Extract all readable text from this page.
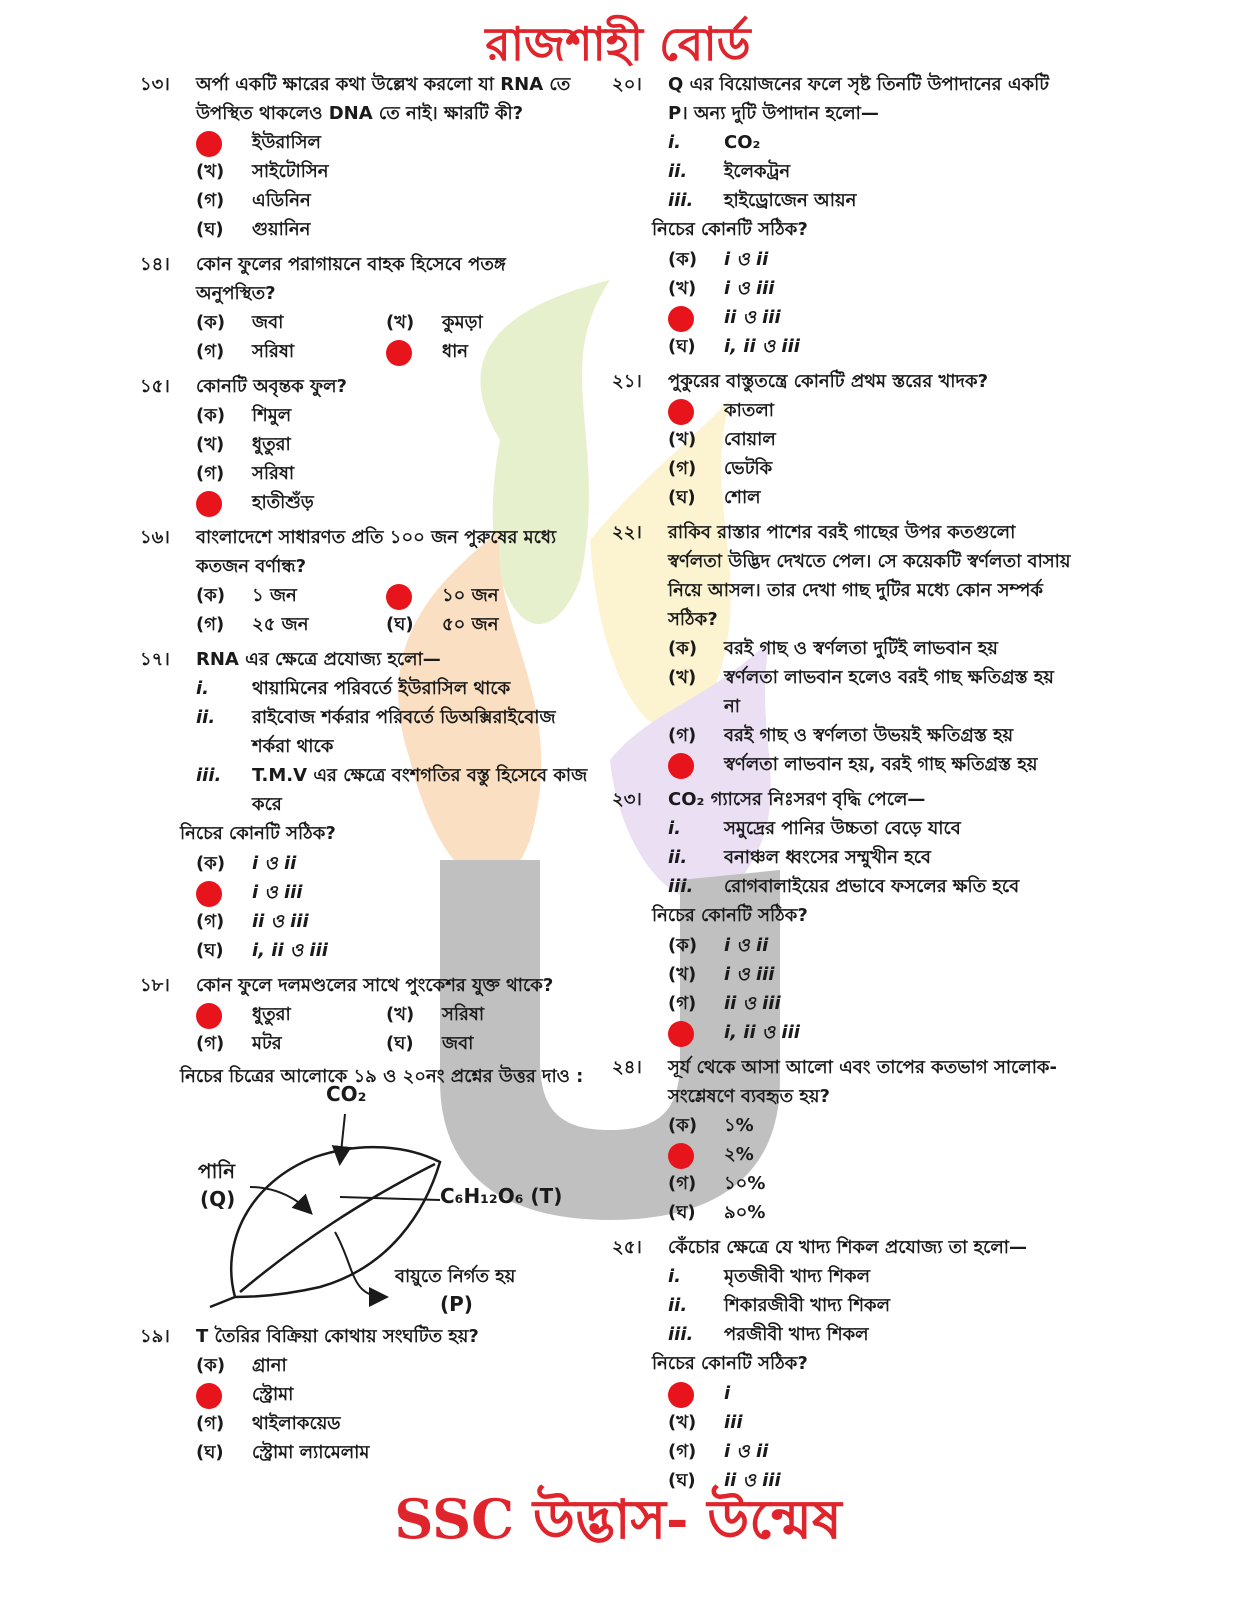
রাজশাহী বোর্ড
১৩।	অর্পা একটি ক্ষারের কথা উল্লেখ করলো যা RNA তে উপস্থিত থাকলেও DNA তে নাই। ক্ষারটি কী?
ইউরাসিল
(খ)	সাইটোসিন
(গ)	এডিনিন
(ঘ)	গুয়ানিন
১৪।	কোন ফুলের পরাগায়নে বাহক হিসেবে পতঙ্গ অনুপস্থিত?
(ক)	জবা	(খ)	কুমড়া
(গ)	সরিষা	ধান
১৫।	কোনটি অবৃন্তক ফুল?
(ক)	শিমুল
(খ)	ধুতুরা
(গ)	সরিষা
হাতীশুঁড়
১৬।	বাংলাদেশে সাধারণত প্রতি ১০০ জন পুরুষের মধ্যে কতজন বর্ণান্ধ?
(ক)	১ জন	১০ জন
(গ)	২৫ জন	(ঘ)	৫০ জন
১৭।	RNA এর ক্ষেত্রে প্রযোজ্য হলো—
i.	থায়ামিনের পরিবর্তে ইউরাসিল থাকে
ii.	রাইবোজ শর্করার পরিবর্তে ডিঅক্সিরাইবোজ শর্করা থাকে
iii.	T.M.V এর ক্ষেত্রে বংশগতির বস্তু হিসেবে কাজ করে
নিচের কোনটি সঠিক?
(ক)	i ও ii
i ও iii
(গ)	ii ও iii
(ঘ)	i, ii ও iii
১৮।	কোন ফুলে দলমণ্ডলের সাথে পুংকেশর যুক্ত থাকে?
ধুতুরা	(খ)	সরিষা
(গ)	মটর	(ঘ)	জবা
নিচের চিত্রের আলোকে ১৯ ও ২০নং প্রশ্নের উত্তর দাও :
CO₂
পানি
(Q)	C₆H₁₂O₆ (T)
বায়ুতে নির্গত হয়
(P)
১৯।	T তৈরির বিক্রিয়া কোথায় সংঘটিত হয়?
(ক)	গ্রানা
স্ট্রোমা
(গ)	থাইলাকয়েড
(ঘ)	স্ট্রোমা ল্যামেলাম
২০।	Q এর বিয়োজনের ফলে সৃষ্ট তিনটি উপাদানের একটি P। অন্য দুটি উপাদান হলো—
i.	CO₂
ii.	ইলেকট্রন
iii.	হাইড্রোজেন আয়ন
নিচের কোনটি সঠিক?
(ক)	i ও ii
(খ)	i ও iii
ii ও iii
(ঘ)	i, ii ও iii
২১।	পুকুরের বাস্তুতন্ত্রে কোনটি প্রথম স্তরের খাদক?
কাতলা
(খ)	বোয়াল
(গ)	ভেটকি
(ঘ)	শোল
২২।	রাকিব রাস্তার পাশের বরই গাছের উপর কতগুলো স্বর্ণলতা উদ্ভিদ দেখতে পেল। সে কয়েকটি স্বর্ণলতা বাসায় নিয়ে আসল। তার দেখা গাছ দুটির মধ্যে কোন সম্পর্ক সঠিক?
(ক)	বরই গাছ ও স্বর্ণলতা দুটিই লাভবান হয়
(খ)	স্বর্ণলতা লাভবান হলেও বরই গাছ ক্ষতিগ্রস্ত হয় না
(গ)	বরই গাছ ও স্বর্ণলতা উভয়ই ক্ষতিগ্রস্ত হয়
স্বর্ণলতা লাভবান হয়, বরই গাছ ক্ষতিগ্রস্ত হয়
২৩।	CO₂ গ্যাসের নিঃসরণ বৃদ্ধি পেলে—
i.	সমুদ্রের পানির উচ্চতা বেড়ে যাবে
ii.	বনাঞ্চল ধ্বংসের সম্মুখীন হবে
iii.	রোগবালাইয়ের প্রভাবে ফসলের ক্ষতি হবে
নিচের কোনটি সঠিক?
(ক)	i ও ii
(খ)	i ও iii
(গ)	ii ও iii
i, ii ও iii
২৪।	সূর্য থেকে আসা আলো এবং তাপের কতভাগ সালোক-সংশ্লেষণে ব্যবহৃত হয়?
(ক)	১%
২%
(গ)	১০%
(ঘ)	৯০%
২৫।	কেঁচোর ক্ষেত্রে যে খাদ্য শিকল প্রযোজ্য তা হলো—
i.	মৃতজীবী খাদ্য শিকল
ii.	শিকারজীবী খাদ্য শিকল
iii.	পরজীবী খাদ্য শিকল
নিচের কোনটি সঠিক?
i
(খ)	iii
(গ)	i ও ii
(ঘ)	ii ও iii
SSC উদ্ভাস- উন্মেষ
